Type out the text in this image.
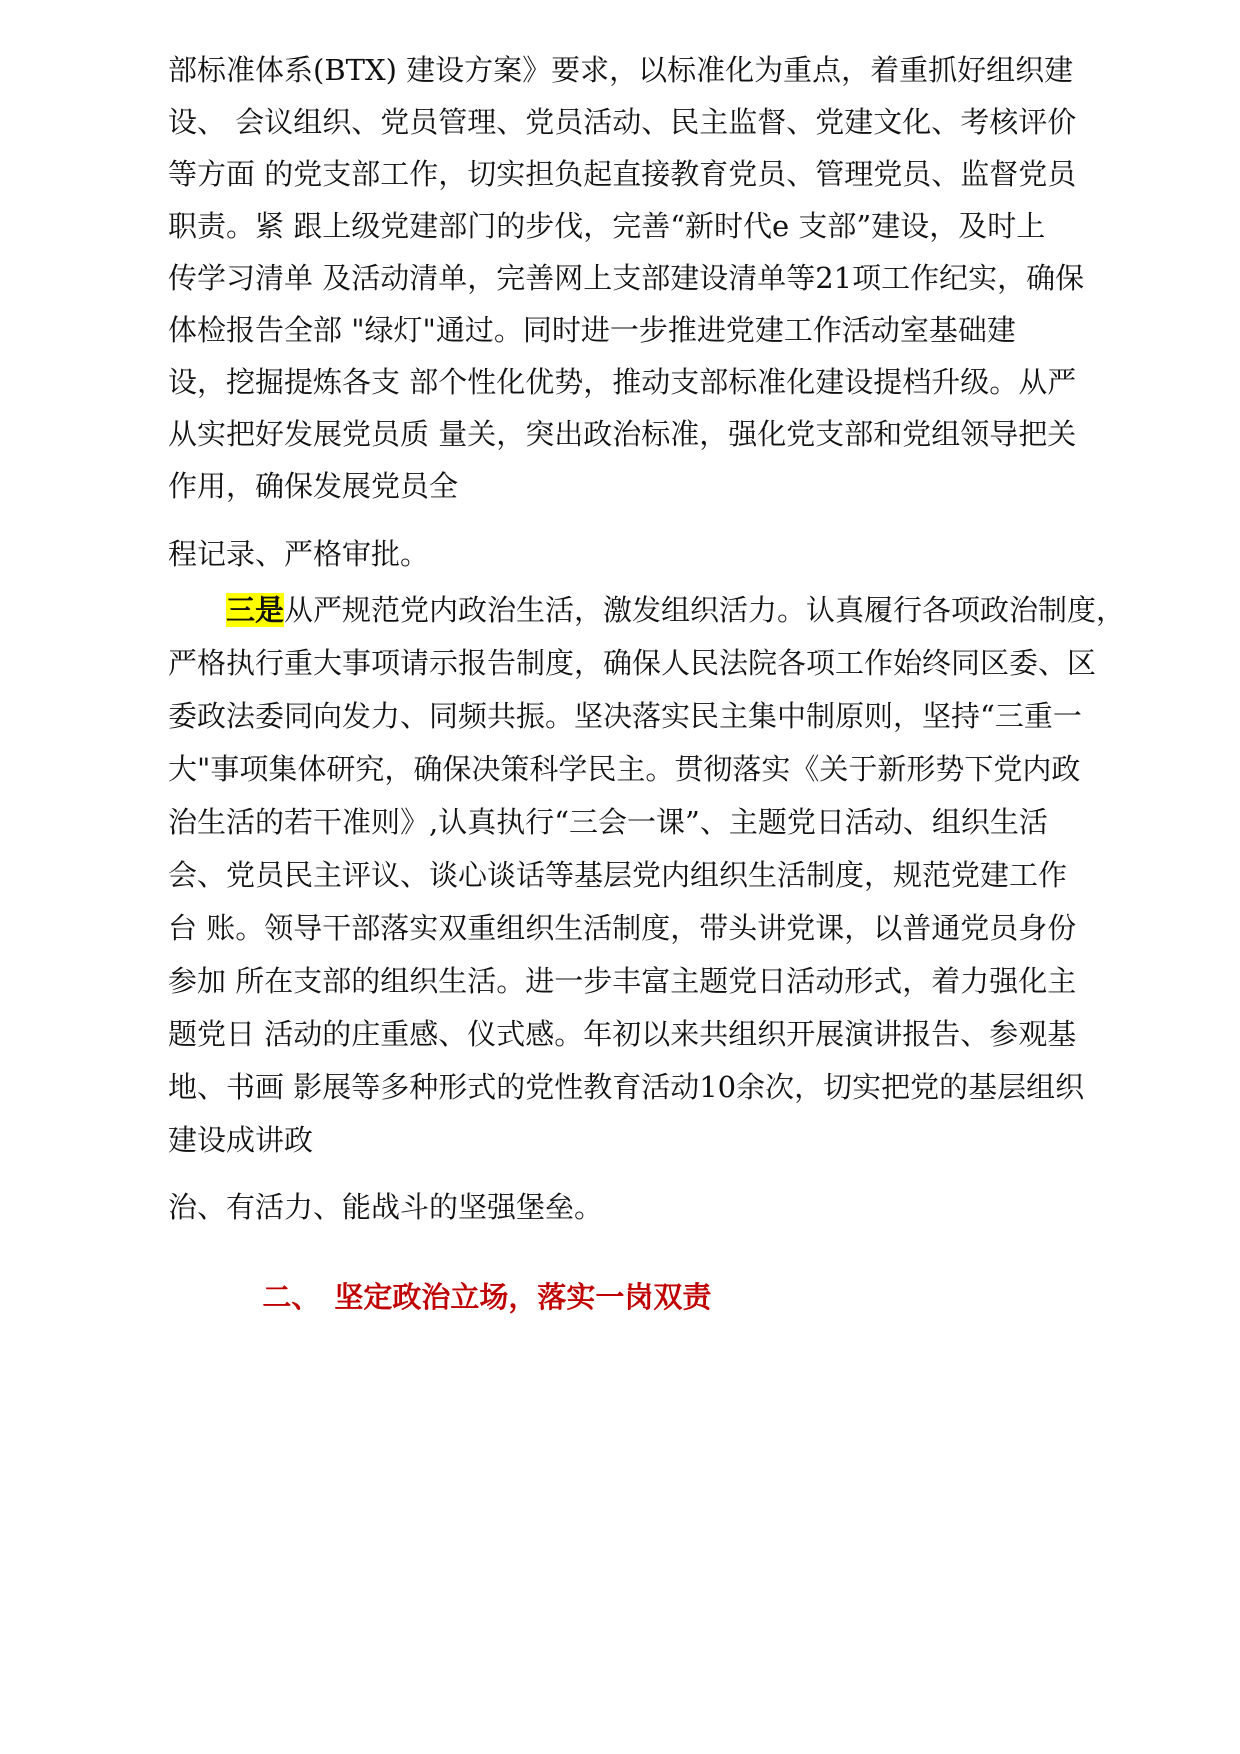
部标准体系(BTX) 建设方案》要求，以标准化为重点，着重抓好组织建
设、 会议组织、党员管理、党员活动、民主监督、党建文化、考核评价
等方面 的党支部工作，切实担负起直接教育党员、管理党员、监督党员
职责。紧 跟上级党建部门的步伐，完善“新时代e 支部”建设，及时上
传学习清单 及活动清单，完善网上支部建设清单等21项工作纪实，确保
体检报告全部 "绿灯"通过。同时进一步推进党建工作活动室基础建
设，挖掘提炼各支 部个性化优势，推动支部标准化建设提档升级。从严
从实把好发展党员质 量关，突出政治标准，强化党支部和党组领导把关
作用，确保发展党员全
程记录、严格审批。
三是从严规范党内政治生活，激发组织活力。认真履行各项政治制度，
严格执行重大事项请示报告制度，确保人民法院各项工作始终同区委、区
委政法委同向发力、同频共振。坚决落实民主集中制原则，坚持“三重一
大"事项集体研究，确保决策科学民主。贯彻落实《关于新形势下党内政
治生活的若干准则》,认真执行“三会一课”、主题党日活动、组织生活
会、党员民主评议、谈心谈话等基层党内组织生活制度，规范党建工作
台 账。领导干部落实双重组织生活制度，带头讲党课，以普通党员身份
参加 所在支部的组织生活。进一步丰富主题党日活动形式，着力强化主
题党日 活动的庄重感、仪式感。年初以来共组织开展演讲报告、参观基
地、书画 影展等多种形式的党性教育活动10余次，切实把党的基层组织
建设成讲政
治、有活力、能战斗的坚强堡垒。

二、 坚定政治立场，落实一岗双责
